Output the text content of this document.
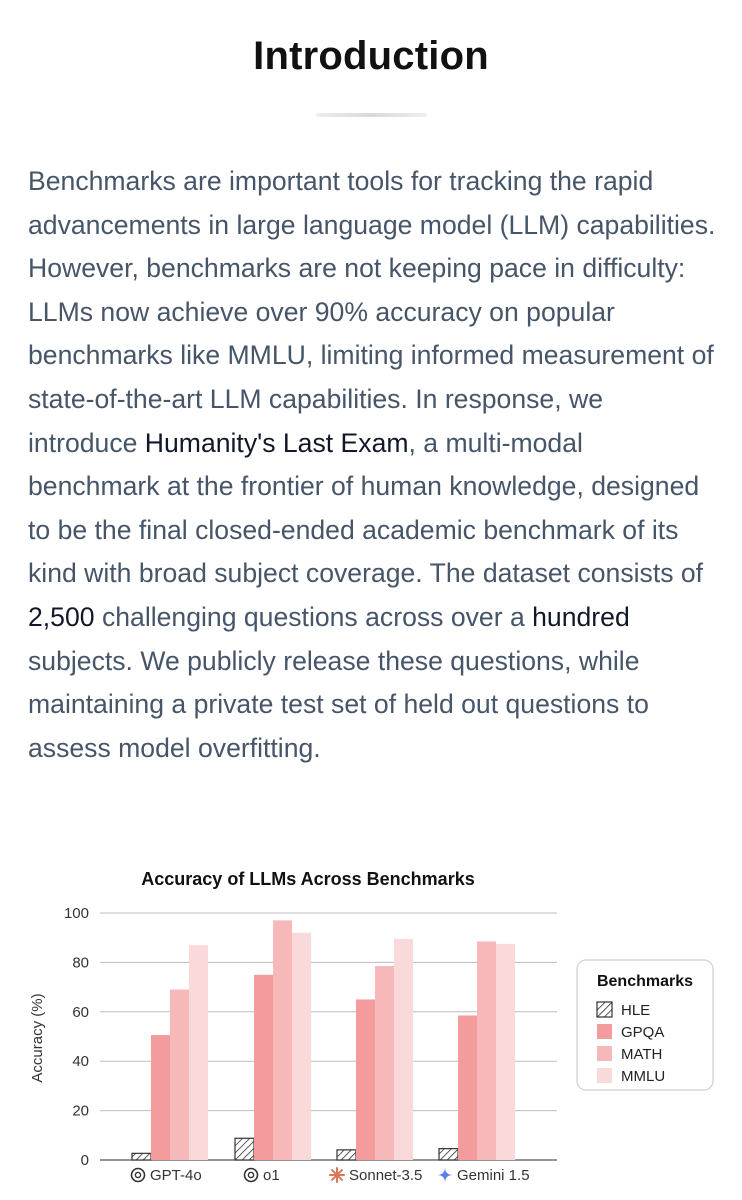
Introduction

Benchmarks are important tools for tracking the rapid advancements in large language model (LLM) capabilities. However, benchmarks are not keeping pace in difficulty: LLMs now achieve over 90% accuracy on popular benchmarks like MMLU, limiting informed measurement of state-of-the-art LLM capabilities. In response, we introduce Humanity's Last Exam, a multi-modal benchmark at the frontier of human knowledge, designed to be the final closed-ended academic benchmark of its kind with broad subject coverage. The dataset consists of 2,500 challenging questions across over a hundred subjects. We publicly release these questions, while maintaining a private test set of held out questions to assess model overfitting.

Accuracy of LLMs Across Benchmarks
0
20
40
60
80
100
GPT-4o	o1	Sonnet-3.5 Gemini 1.5
Accuracy (%)
Benchmarks
HLE
GPQA
MATH
MMLU
